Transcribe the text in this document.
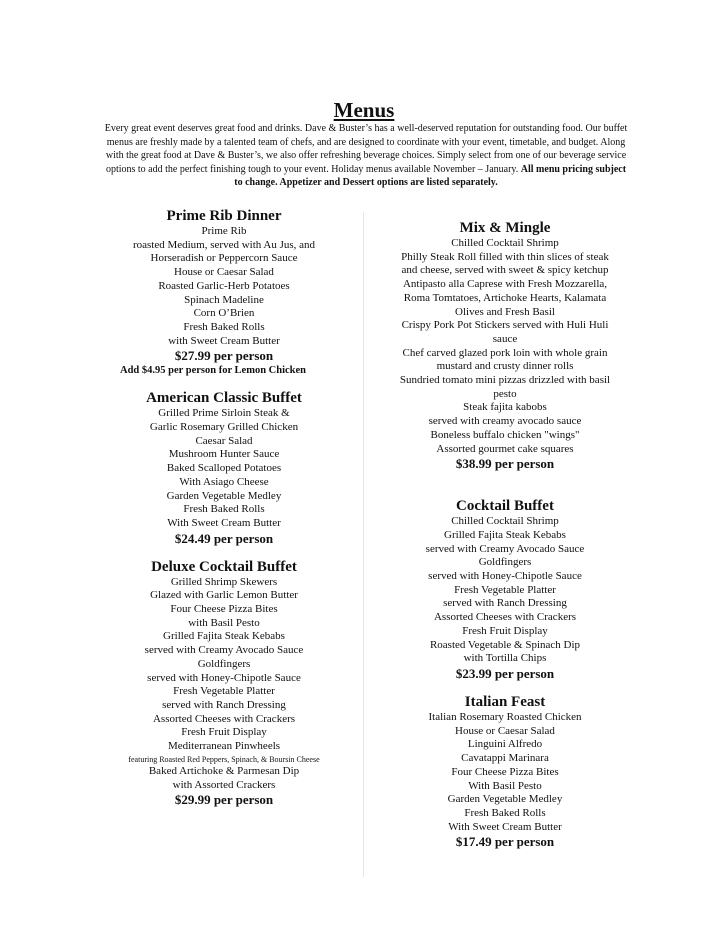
Menus
Every great event deserves great food and drinks. Dave & Buster’s has a well-deserved reputation for outstanding food. Our buffet menus are freshly made by a talented team of chefs, and are designed to coordinate with your event, timetable, and budget. Along with the great food at Dave & Buster’s, we also offer refreshing beverage choices. Simply select from one of our beverage service options to add the perfect finishing tough to your event. Holiday menus available November – January. All menu pricing subject to change. Appetizer and Dessert options are listed separately.
Prime Rib Dinner
Prime Rib
roasted Medium, served with Au Jus, and
Horseradish or Peppercorn Sauce
House or Caesar Salad
Roasted Garlic-Herb Potatoes
Spinach Madeline
Corn O’Brien
Fresh Baked Rolls
with Sweet Cream Butter
$27.99 per person
Add $4.95 per person for Lemon Chicken
American Classic Buffet
Grilled Prime Sirloin Steak &
Garlic Rosemary Grilled Chicken
Caesar Salad
Mushroom Hunter Sauce
Baked Scalloped Potatoes
With Asiago Cheese
Garden Vegetable Medley
Fresh Baked Rolls
With Sweet Cream Butter
$24.49 per person
Deluxe Cocktail Buffet
Grilled Shrimp Skewers
Glazed with Garlic Lemon Butter
Four Cheese Pizza Bites
with Basil Pesto
Grilled Fajita Steak Kebabs
served with Creamy Avocado Sauce
Goldfingers
served with Honey-Chipotle Sauce
Fresh Vegetable Platter
served with Ranch Dressing
Assorted Cheeses with Crackers
Fresh Fruit Display
Mediterranean Pinwheels
featuring Roasted Red Peppers, Spinach, & Boursin Cheese
Baked Artichoke & Parmesan Dip
with Assorted Crackers
$29.99 per person
Mix & Mingle
Chilled Cocktail Shrimp
Philly Steak Roll filled with thin slices of steak
and cheese, served with sweet & spicy ketchup
Antipasto alla Caprese with Fresh Mozzarella,
Roma Tomtatoes, Artichoke Hearts, Kalamata
Olives and Fresh Basil
Crispy Pork Pot Stickers served with Huli Huli
sauce
Chef carved glazed pork loin with whole grain
mustard and crusty dinner rolls
Sundried tomato mini pizzas drizzled with basil
pesto
Steak fajita kabobs
served with creamy avocado sauce
Boneless buffalo chicken "wings"
Assorted gourmet cake squares
$38.99 per person
Cocktail Buffet
Chilled Cocktail Shrimp
Grilled Fajita Steak Kebabs
served with Creamy Avocado Sauce
Goldfingers
served with Honey-Chipotle Sauce
Fresh Vegetable Platter
served with Ranch Dressing
Assorted Cheeses with Crackers
Fresh Fruit Display
Roasted Vegetable & Spinach Dip
with Tortilla Chips
$23.99 per person
Italian Feast
Italian Rosemary Roasted Chicken
House or Caesar Salad
Linguini Alfredo
Cavatappi Marinara
Four Cheese Pizza Bites
With Basil Pesto
Garden Vegetable Medley
Fresh Baked Rolls
With Sweet Cream Butter
$17.49 per person
